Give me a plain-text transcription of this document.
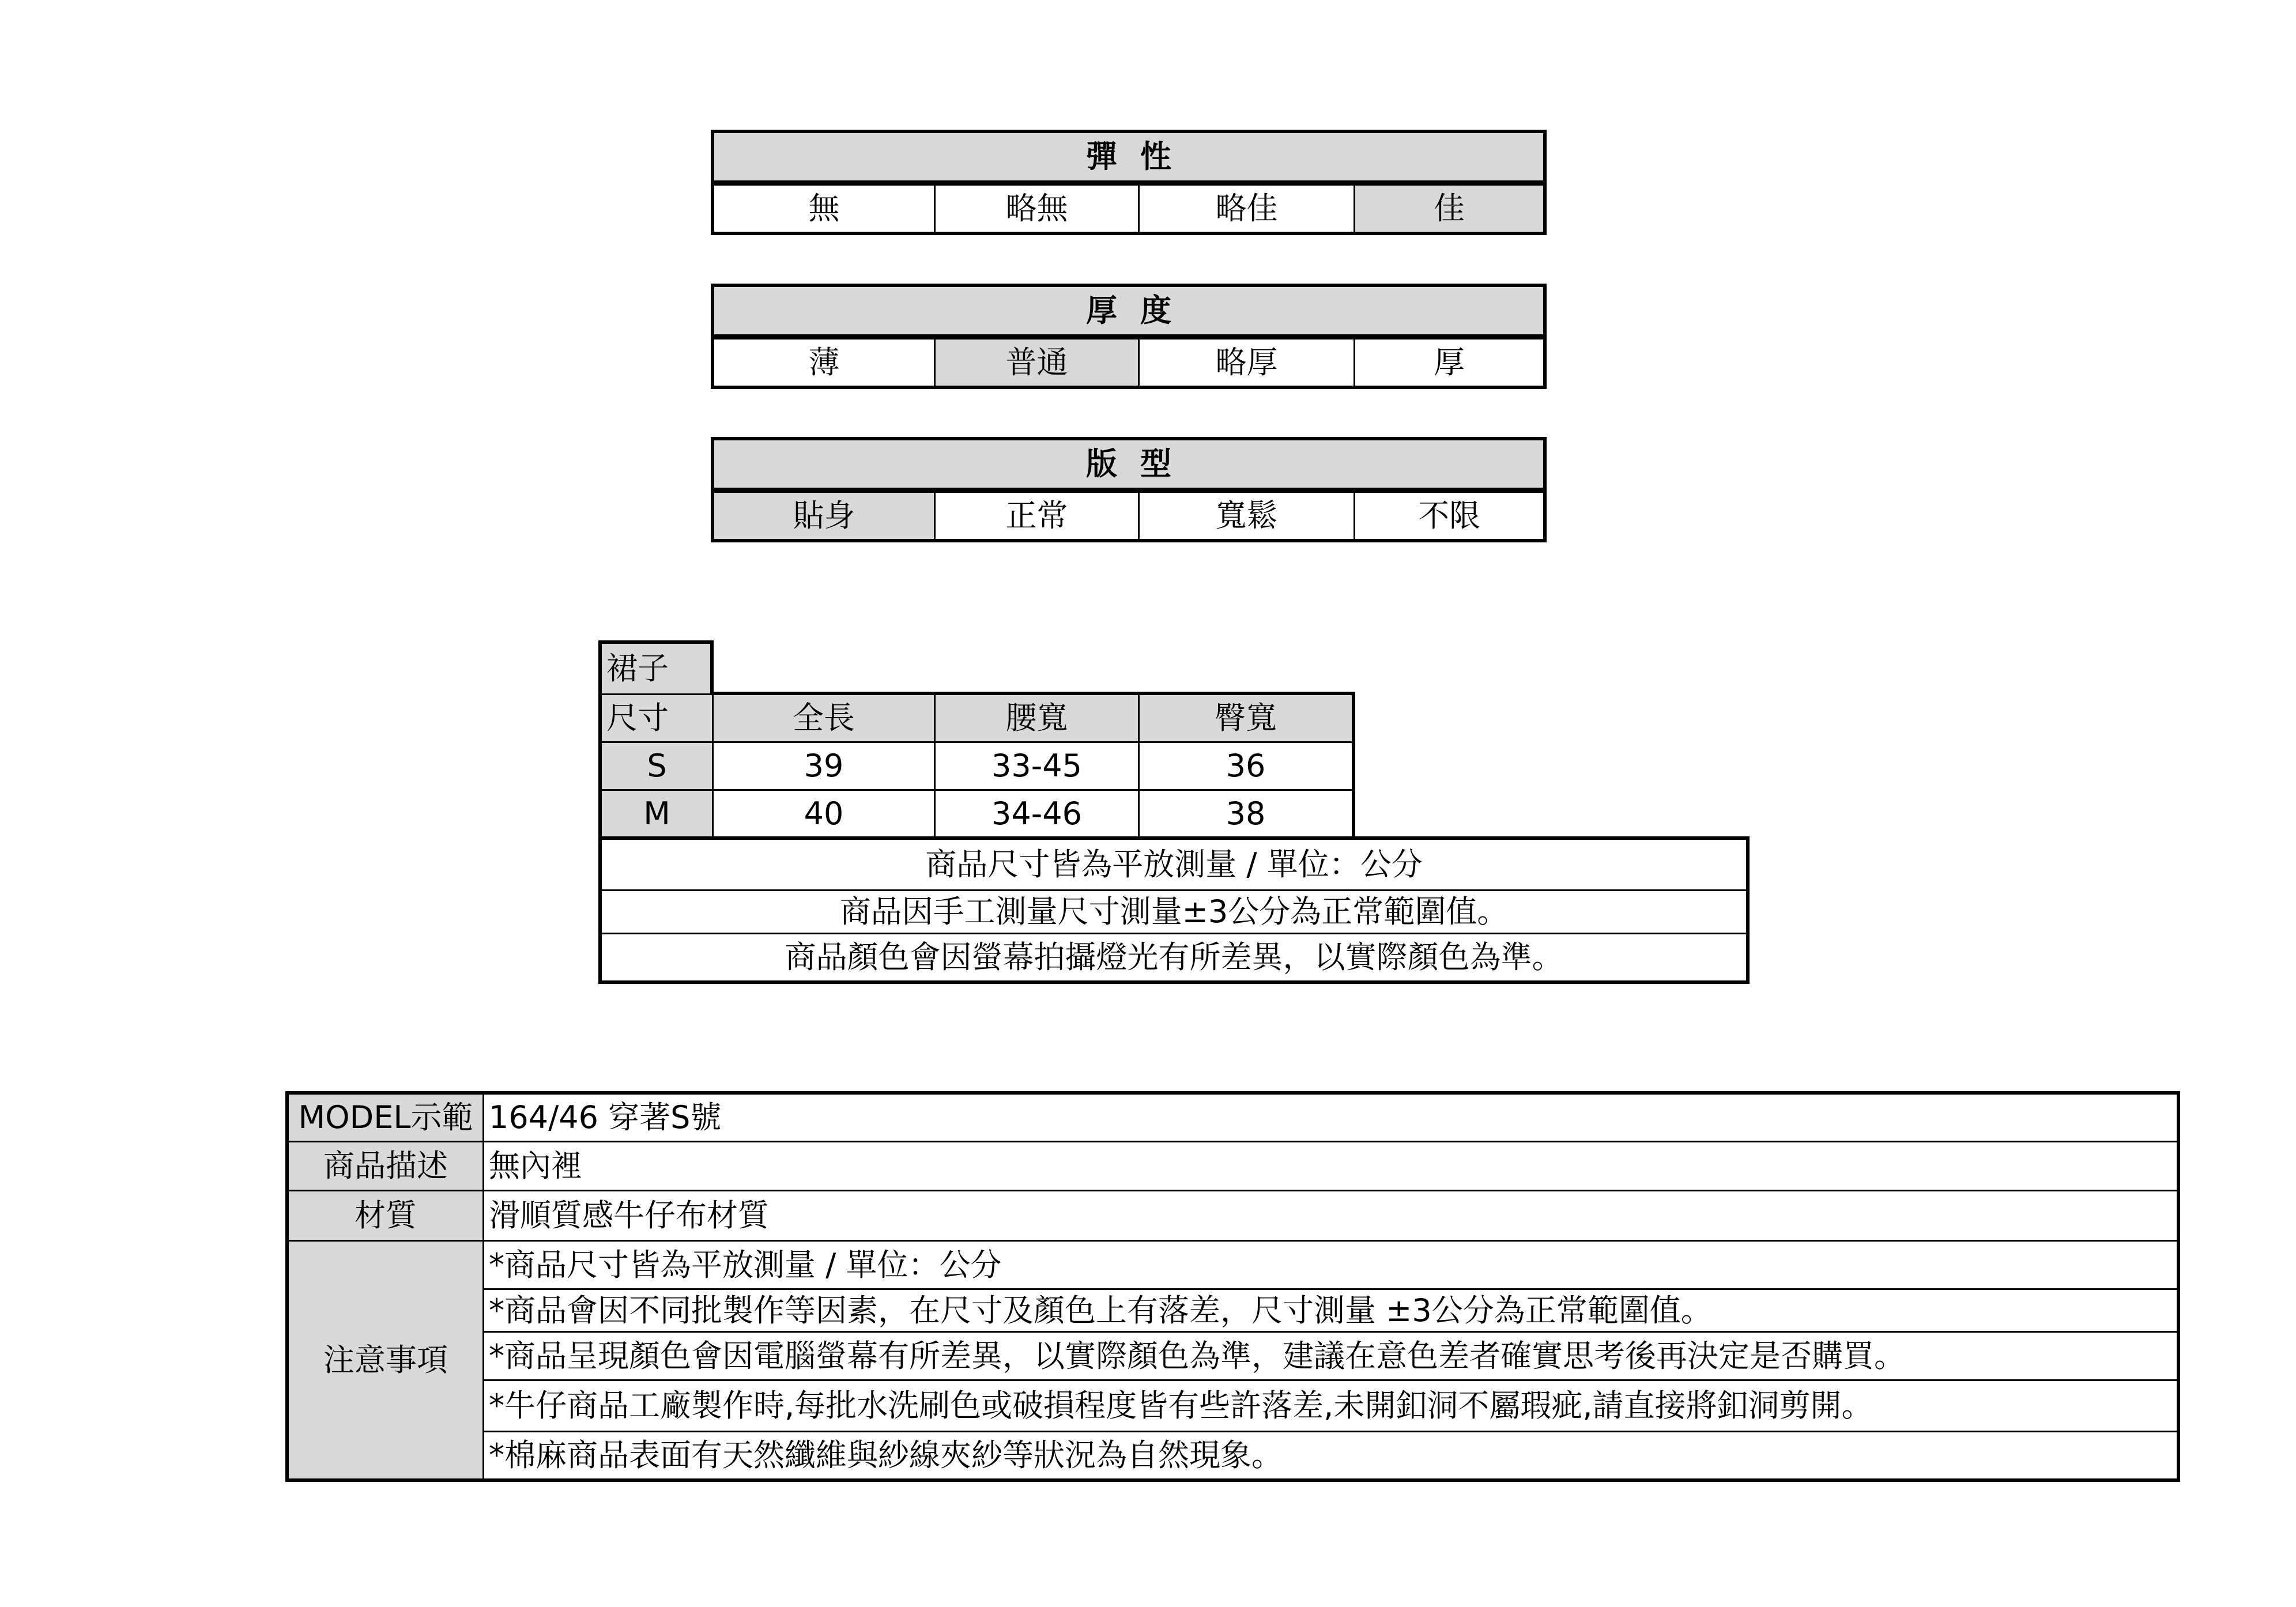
彈性
無	略無	略佳	佳
厚度
薄	普通	略厚	厚
版型
貼身	正常	寬鬆	不限
裙子
尺寸	全長	腰寬	臀寬
S	39	33-45	36
M	40	34-46	38
商品尺寸皆為平放測量 / 單位：公分
商品因手工測量尺寸測量±3公分為正常範圍值。
商品顏色會因螢幕拍攝燈光有所差異，以實際顏色為準。
MODEL示範 164/46 穿著S號
商品描述	無內裡
材質	滑順質感牛仔布材質
注意事項
*商品尺寸皆為平放測量 / 單位：公分
*商品會因不同批製作等因素，在尺寸及顏色上有落差，尺寸測量 ±3公分為正常範圍值。
*商品呈現顏色會因電腦螢幕有所差異，以實際顏色為準，建議在意色差者確實思考後再決定是否購買。
*牛仔商品工廠製作時,每批水洗刷色或破損程度皆有些許落差,未開釦洞不屬瑕疵,請直接將釦洞剪開。
*棉麻商品表面有天然纖維與紗線夾紗等狀況為自然現象。
